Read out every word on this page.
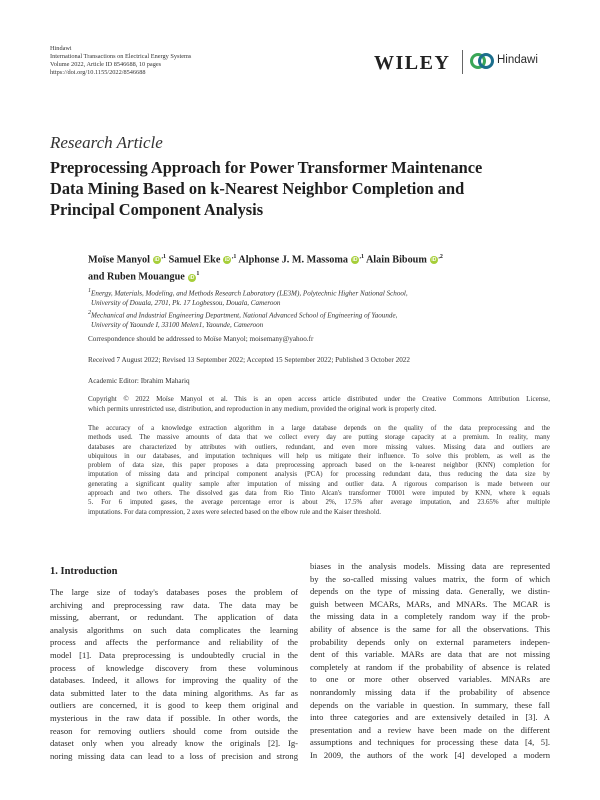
Hindawi
International Transactions on Electrical Energy Systems
Volume 2022, Article ID 8546688, 10 pages
https://doi.org/10.1155/2022/8546688	WILEY	Hindawi
Research Article
Preprocessing Approach for Power Transformer Maintenance
Data Mining Based on k-Nearest Neighbor Completion and
Principal Component Analysis
Moïse Manyol $iD^{,1}$ Samuel Eke $iD^{,1}$ Alphonse J. M. Massoma $iD^{,1}$ Alain Biboum $iD^{,2}$
and Ruben Mouangue $iD^1$
$^1$Energy, Materials, Modeling, and Methods Research Laboratory (LE3M), Polytechnic Higher National School,
University of Douala, 2701, Pk. 17 Logbessou, Douala, Cameroon
$^2$Mechanical and Industrial Engineering Department, National Advanced School of Engineering of Yaounde,
University of Yaounde I, 33100 Melen1, Yaounde, Cameroon
Correspondence should be addressed to Moïse Manyol; moisemany@yahoo.fr
Received 7 August 2022; Revised 13 September 2022; Accepted 15 September 2022; Published 3 October 2022
Academic Editor: Ibrahim Mahariq
Copyright © 2022 Moïse Manyol et al. This is an open access article distributed under the Creative Commons Attribution License,
which permits unrestricted use, distribution, and reproduction in any medium, provided the original work is properly cited.
The accuracy of a knowledge extraction algorithm in a large database depends on the quality of the data preprocessing and the
methods used. The massive amounts of data that we collect every day are putting storage capacity at a premium. In reality, many
databases are characterized by attributes with outliers, redundant, and even more missing values. Missing data and outliers are
ubiquitous in our databases, and imputation techniques will help us mitigate their influence. To solve this problem, as well as the
problem of data size, this paper proposes a data preprocessing approach based on the k-nearest neighbor (KNN) completion for
imputation of missing data and principal component analysis (PCA) for processing redundant data, thus reducing the data size by
generating a significant quality sample after imputation of missing and outlier data. A rigorous comparison is made between our
approach and two others. The dissolved gas data from Rio Tinto Alcan's transformer T0001 were imputed by KNN, where k equals
5. For 6 imputed gases, the average percentage error is about 2%, 17.5% after average imputation, and 23.65% after multiple
imputations. For data compression, 2 axes were selected based on the elbow rule and the Kaiser threshold.
1. Introduction
The large size of today's databases poses the problem of
archiving and preprocessing raw data. The data may be
missing, aberrant, or redundant. The application of data
analysis algorithms on such data complicates the learning
process and affects the performance and reliability of the
model [1]. Data preprocessing is undoubtedly crucial in the
process of knowledge discovery from these voluminous
databases. Indeed, it allows for improving the quality of the
data submitted later to the data mining algorithms. As far as
outliers are concerned, it is good to keep them original and
mysterious in the raw data if possible. In other words, the
reason for removing outliers should come from outside the
dataset only when you already know the originals [2]. Ig-
noring missing data can lead to a loss of precision and strong
biases in the analysis models. Missing data are represented
by the so-called missing values matrix, the form of which
depends on the type of missing data. Generally, we distin-
guish between MCARs, MARs, and MNARs. The MCAR is
the missing data in a completely random way if the prob-
ability of absence is the same for all the observations. This
probability depends only on external parameters indepen-
dent of this variable. MARs are data that are not missing
completely at random if the probability of absence is related
to one or more other observed variables. MNARs are
nonrandomly missing data if the probability of absence
depends on the variable in question. In summary, these fall
into three categories and are extensively detailed in [3]. A
presentation and a review have been made on the different
assumptions and techniques for processing these data [4, 5].
In 2009, the authors of the work [4] developed a modern
